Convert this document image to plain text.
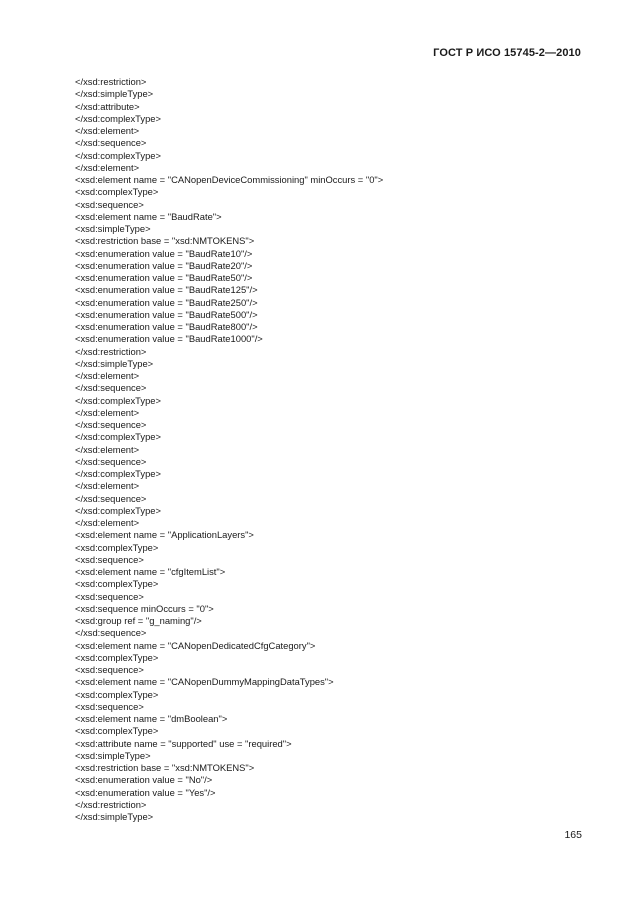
ГОСТ Р ИСО 15745-2—2010
</xsd:restriction>
</xsd:simpleType>
</xsd:attribute>
</xsd:complexType>
</xsd:element>
</xsd:sequence>
</xsd:complexType>
</xsd:element>
<xsd:element name = "CANopenDeviceCommissioning" minOccurs = "0">
<xsd:complexType>
<xsd:sequence>
<xsd:element name = "BaudRate">
<xsd:simpleType>
<xsd:restriction base = "xsd:NMTOKENS">
<xsd:enumeration value = "BaudRate10"/>
<xsd:enumeration value = "BaudRate20"/>
<xsd:enumeration value = "BaudRate50"/>
<xsd:enumeration value = "BaudRate125"/>
<xsd:enumeration value = "BaudRate250"/>
<xsd:enumeration value = "BaudRate500"/>
<xsd:enumeration value = "BaudRate800"/>
<xsd:enumeration value = "BaudRate1000"/>
</xsd:restriction>
</xsd:simpleType>
</xsd:element>
</xsd:sequence>
</xsd:complexType>
</xsd:element>
</xsd:sequence>
</xsd:complexType>
</xsd:element>
</xsd:sequence>
</xsd:complexType>
</xsd:element>
</xsd:sequence>
</xsd:complexType>
</xsd:element>
<xsd:element name = "ApplicationLayers">
<xsd:complexType>
<xsd:sequence>
<xsd:element name = "cfgItemList">
<xsd:complexType>
<xsd:sequence>
<xsd:sequence minOccurs = "0">
<xsd:group ref = "g_naming"/>
</xsd:sequence>
<xsd:element name = "CANopenDedicatedCfgCategory">
<xsd:complexType>
<xsd:sequence>
<xsd:element name = "CANopenDummyMappingDataTypes">
<xsd:complexType>
<xsd:sequence>
<xsd:element name = "dmBoolean">
<xsd:complexType>
<xsd:attribute name = "supported" use = "required">
<xsd:simpleType>
<xsd:restriction base = "xsd:NMTOKENS">
<xsd:enumeration value = "No"/>
<xsd:enumeration value = "Yes"/>
</xsd:restriction>
</xsd:simpleType>
165
